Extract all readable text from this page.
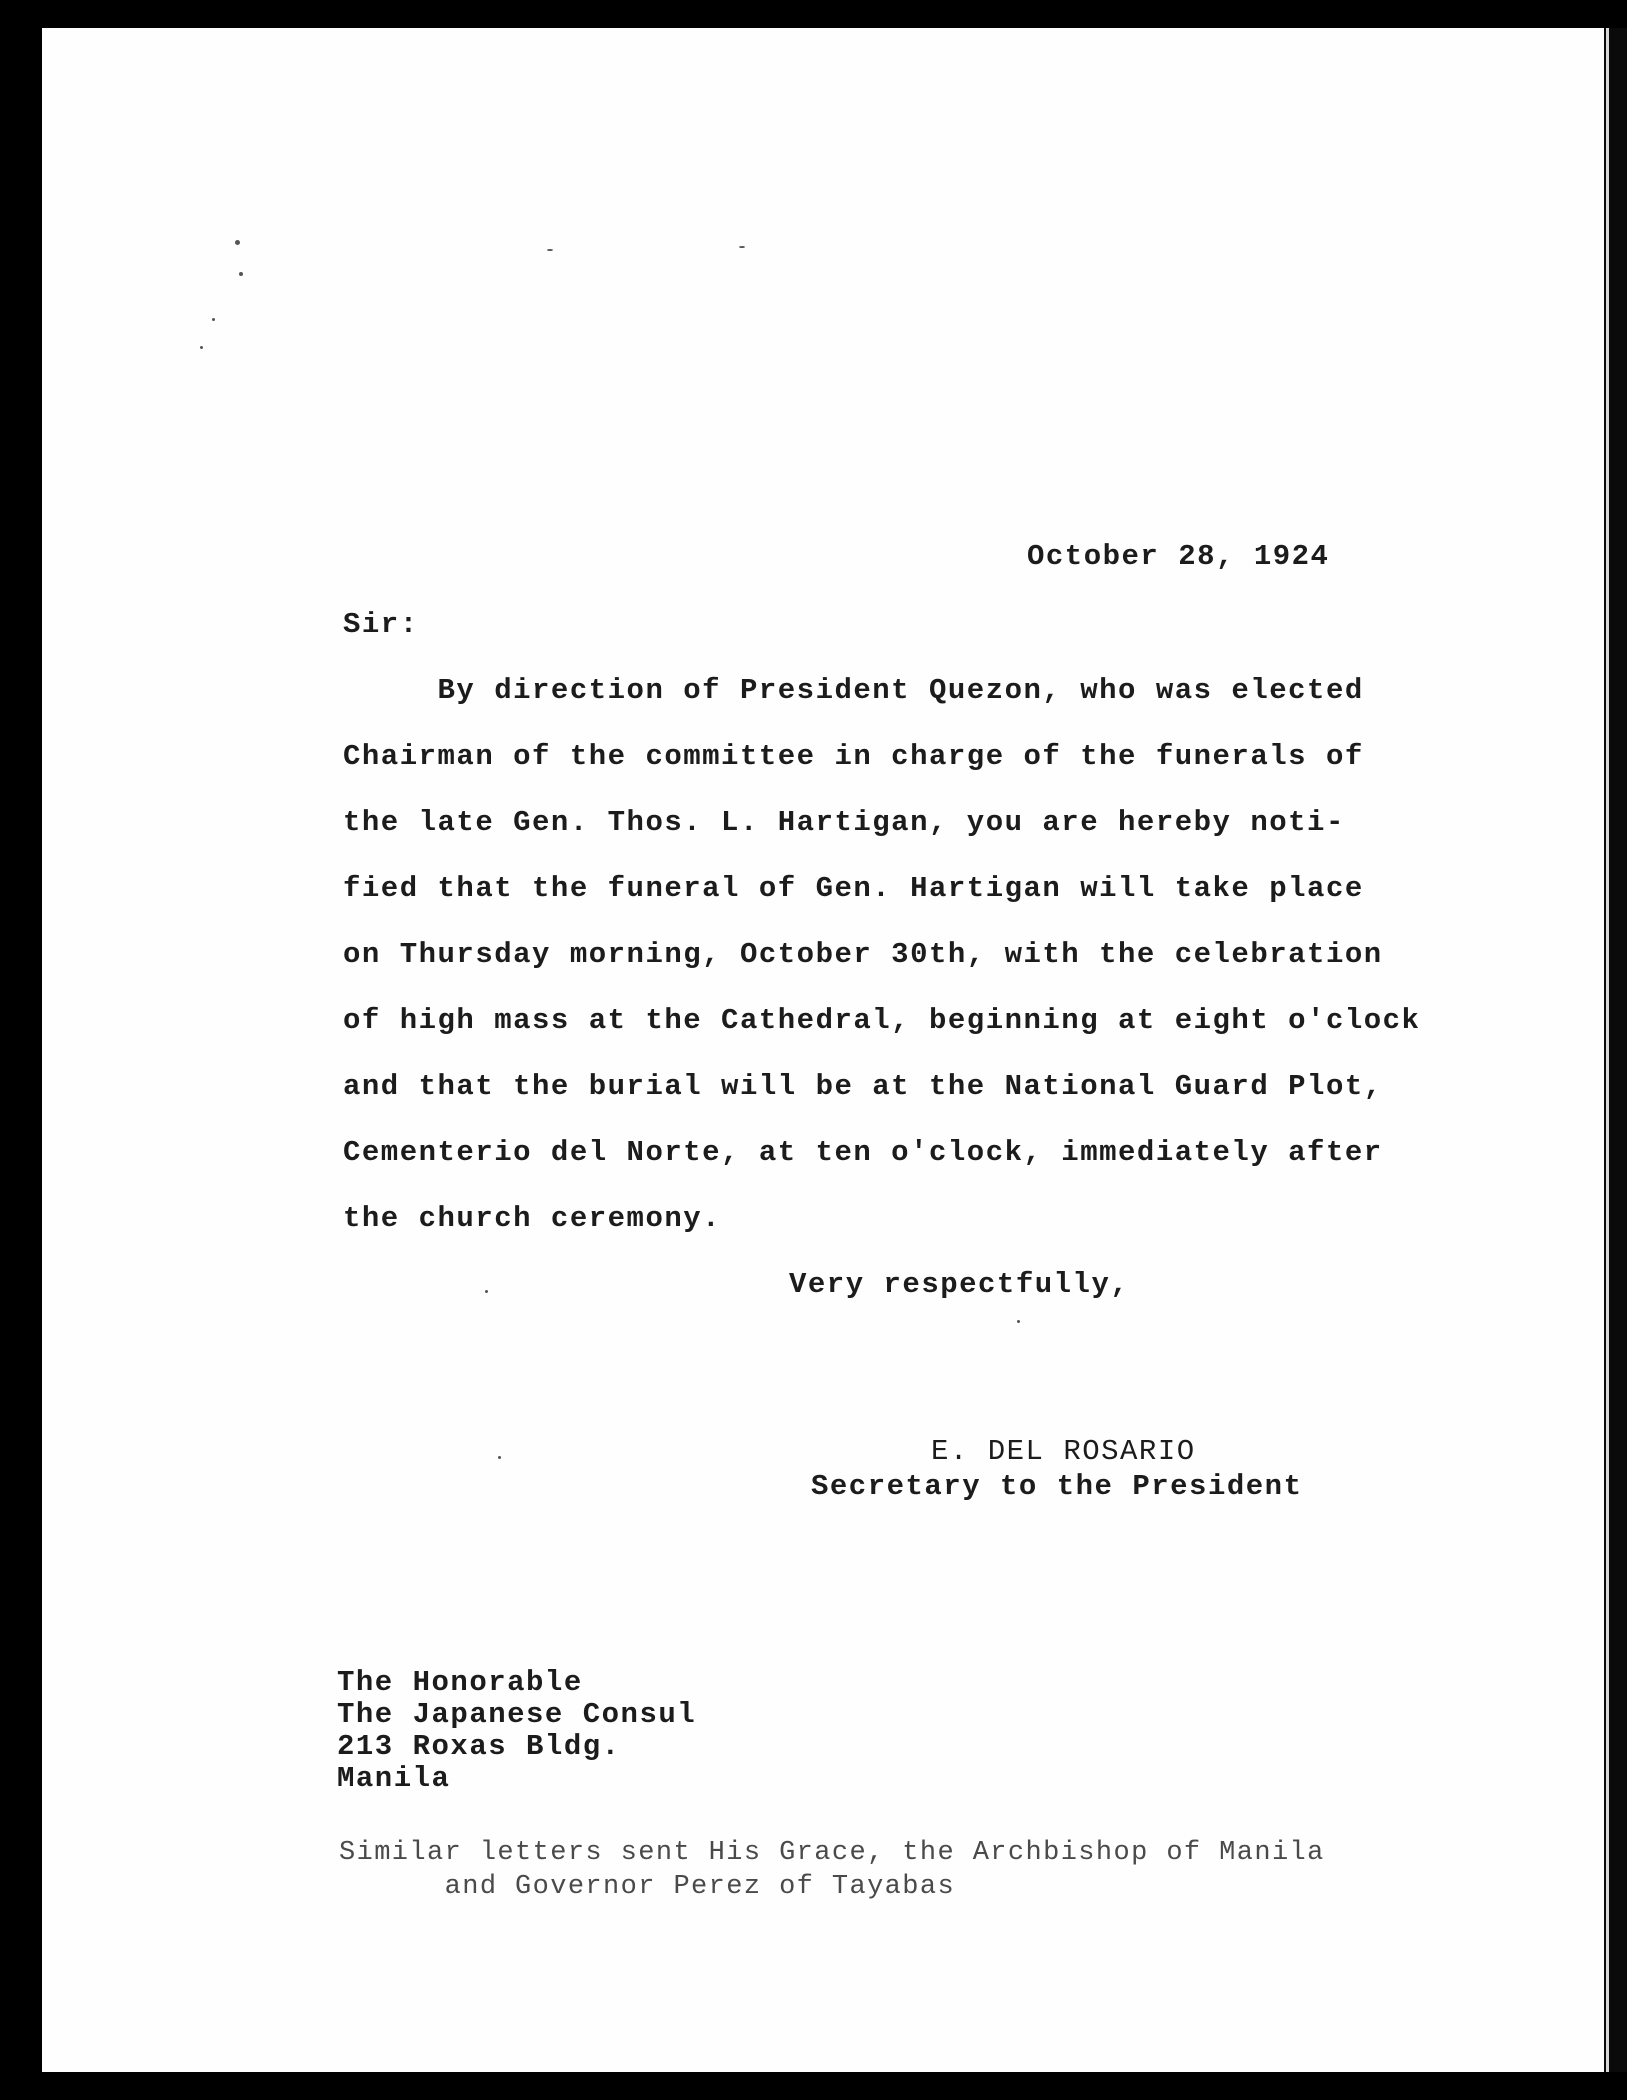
October 28, 1924

Sir:

By direction of President Quezon, who was elected

Chairman of the committee in charge of the funerals of

the late Gen. Thos. L. Hartigan, you are hereby noti-

fied that the funeral of Gen. Hartigan will take place

on Thursday morning, October 30th, with the celebration

of high mass at the Cathedral, beginning at eight o'clock

and that the burial will be at the National Guard Plot,

Cementerio del Norte, at ten o'clock, immediately after

the church ceremony.

Very respectfully,

E. DEL ROSARIO

Secretary to the President

The Honorable

The Japanese Consul

213 Roxas Bldg.

Manila

Similar letters sent His Grace, the Archbishop of Manila

and Governor Perez of Tayabas
